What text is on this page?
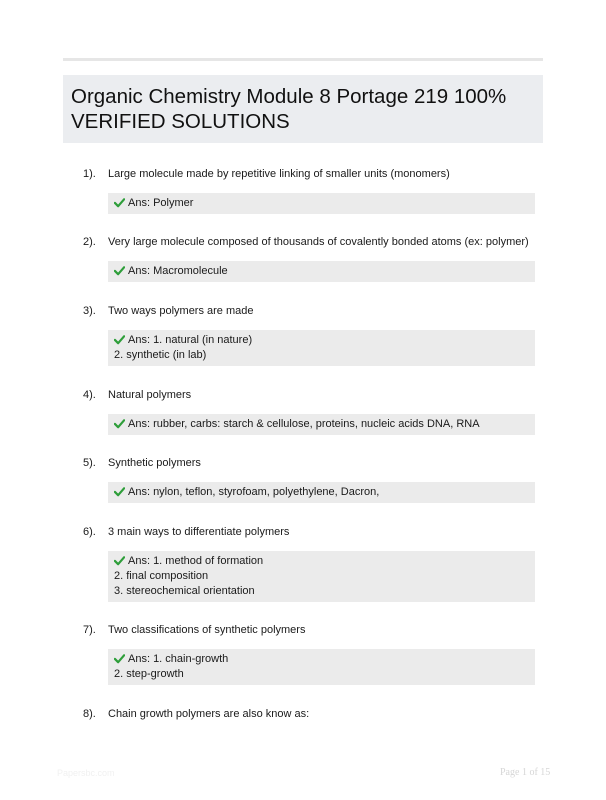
Organic Chemistry Module 8 Portage 219 100% VERIFIED SOLUTIONS
1).	Large molecule made by repetitive linking of smaller units (monomers)
Ans: Polymer
2).	Very large molecule composed of thousands of covalently bonded atoms (ex: polymer)
Ans: Macromolecule
3).	Two ways polymers are made
Ans: 1. natural (in nature)
2. synthetic (in lab)
4).	Natural polymers
Ans: rubber, carbs: starch & cellulose, proteins, nucleic acids DNA, RNA
5).	Synthetic polymers
Ans: nylon, teflon, styrofoam, polyethylene, Dacron,
6).	3 main ways to differentiate polymers
Ans: 1. method of formation
2. final composition
3. stereochemical orientation
7).	Two classifications of synthetic polymers
Ans: 1. chain-growth
2. step-growth
8).	Chain growth polymers are also know as:
Papersbc.com	Page 1 of 15
